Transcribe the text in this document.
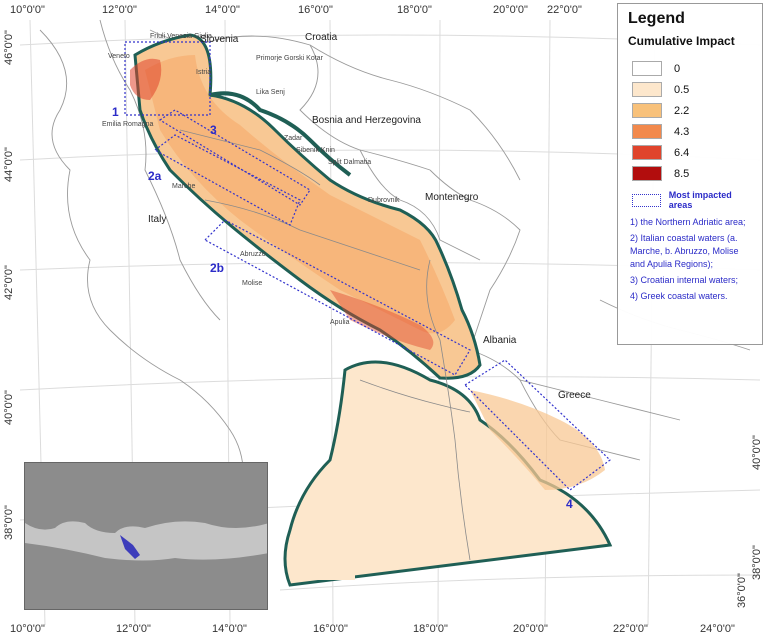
Slovenia	Croatia
Bosnia and Herzegovina
Montenegro
Italy
Albania
Greece
Friuli Venezia Giulia
Veneto
Istria
Primorje Gorski Kotar
Lika Senj
Emilia Romagna
Zadar
Sibenik Knin
Split Dalmatia
Marche
Abruzzo
Molise
Apulia
Dubrovnik
1
2a
2b
3
4
10°0'0"	12°0'0"	14°0'0"	16°0'0"	18°0'0"	20°0'0" 22°0'0"
10°0'0"	12°0'0"	14°0'0"	16°0'0"	18°0'0"	20°0'0"	22°0'0"	24°0'0"
46°0'0"
44°0'0"
42°0'0"
40°0'0"
38°0'0"
40°0'0"
38°0'0"
36°0'0"
Legend
Cumulative Impact
0
0.5
2.2
4.3
6.4
8.5
Most impacted areas
1) the Northern Adriatic area;
2) Italian coastal waters (a. Marche, b. Abruzzo, Molise and Apulia Regions);
3) Croatian internal waters;
4) Greek coastal waters.
